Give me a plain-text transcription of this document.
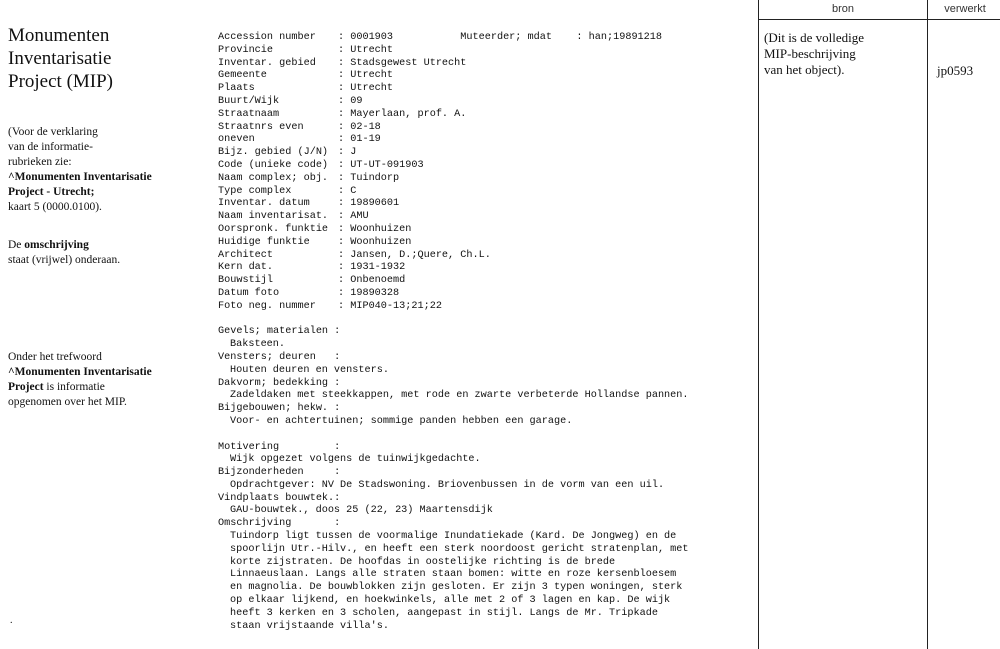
Monumenten
Inventarisatie
Project (MIP)
(Voor de verklaring
van de informatie-
rubrieken zie:
^Monumenten Inventarisatie
Project - Utrecht;
kaart 5 (0000.0100).
De omschrijving
staat (vrijwel) onderaan.
Onder het trefwoord
^Monumenten Inventarisatie
Project is informatie
opgenomen over het MIP.
.
Accession number : 0001903           Muteerder; mdat    : han;19891218
Provincie	: Utrecht
Inventar. gebied : Stadsgewest Utrecht
Gemeente	: Utrecht
Plaats	: Utrecht
Buurt/Wijk	: 09
Straatnaam	: Mayerlaan, prof. A.
Straatnrs even	: 02-18
oneven	: 01-19
Bijz. gebied (J/N) : J
Code (unieke code) : UT-UT-091903
Naam complex; obj. : Tuindorp
Type complex	: C
Inventar. datum	: 19890601
Naam inventarisat. : AMU
Oorspronk. funktie : Woonhuizen
Huidige funktie	: Woonhuizen
Architect	: Jansen, D.;Quere, Ch.L.
Kern dat.	: 1931-1932
Bouwstijl	: Onbenoemd
Datum foto	: 19890328
Foto neg. nummer : MIP040-13;21;22
Gevels; materialen :
Baksteen.
Vensters; deuren   :
Houten deuren en vensters.
Dakvorm; bedekking :
Zadeldaken met steekkappen, met rode en zwarte verbeterde Hollandse pannen.
Bijgebouwen; hekw. :
Voor- en achtertuinen; sommige panden hebben een garage.
Motivering         :
Wijk opgezet volgens de tuinwijkgedachte.
Bijzonderheden     :
Opdrachtgever: NV De Stadswoning. Briovenbussen in de vorm van een uil.
Vindplaats bouwtek.:
GAU-bouwtek., doos 25 (22, 23) Maartensdijk
Omschrijving       :
Tuindorp ligt tussen de voormalige Inundatiekade (Kard. De Jongweg) en de
spoorlijn Utr.-Hilv., en heeft een sterk noordoost gericht stratenplan, met
korte zijstraten. De hoofdas in oostelijke richting is de brede
Linnaeuslaan. Langs alle straten staan bomen: witte en roze kersenbloesem
en magnolia. De bouwblokken zijn gesloten. Er zijn 3 typen woningen, sterk
op elkaar lijkend, en hoekwinkels, alle met 2 of 3 lagen en kap. De wijk
heeft 3 kerken en 3 scholen, aangepast in stijl. Langs de Mr. Tripkade
staan vrijstaande villa's.
bron	verwerkt
(Dit is de volledige
MIP-beschrijving
van het object).	jp0593
